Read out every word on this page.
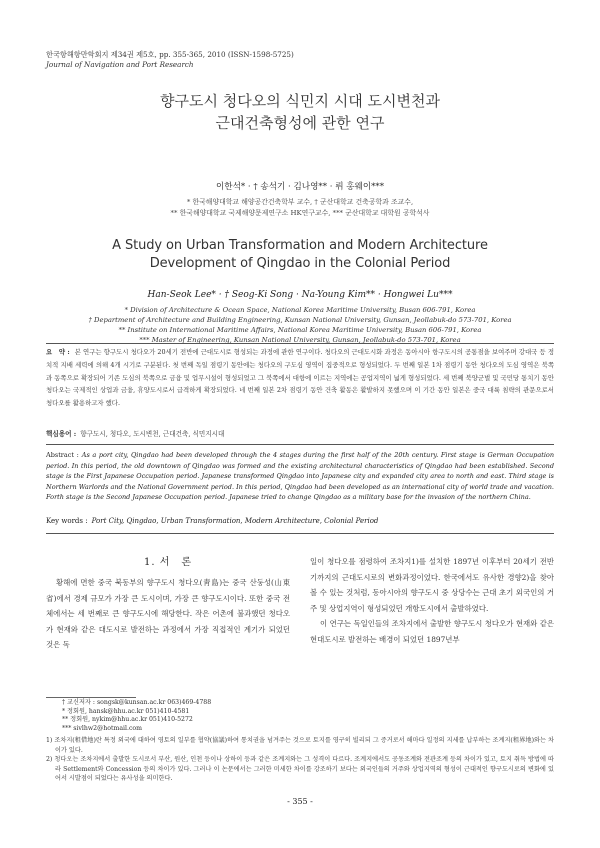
한국항해항만학회지 제34권 제5호, pp. 355-365, 2010 (ISSN-1598-5725)
Journal of Navigation and Port Research
향구도시 청다오의 식민지 시대 도시변천과
근대건축형성에 관한 연구
이한석* · † 송석기 · 김나영** · 뤼 홍웨이***
* 한국해양대학교 해양공간건축학부 교수, † 군산대학교 건축공학과 조교수,
** 한국해양대학교 국제해양문제연구소 HK연구교수, *** 군산대학교 대학원 공학석사
A Study on Urban Transformation and Modern Architecture
Development of Qingdao in the Colonial Period
Han-Seok Lee* · † Seog-Ki Song · Na-Young Kim** · Hongwei Lu***
* Division of Architecture & Ocean Space, National Korea Maritime University, Busan 606-791, Korea
† Department of Architecture and Building Engineering, Kunsan National University, Gunsan, Jeollabuk-do 573-701, Korea
** Institute on International Maritime Affairs, National Korea Maritime University, Busan 606-791, Korea
*** Master of Engineering, Kunsan National University, Gunsan, Jeollabuk-do 573-701, Korea
요　약 : 본 연구는 향구도시 청다오가 20세기 전반에 근대도시로 형성되는 과정에 관한 연구이다. 청다오의 근대도시화 과정은 동아시아 항구도시의 공통점을 보여주며 강대국 등 정치적 지배 세력에 의해 4개 시기로 구분된다. 첫 번째 독일 점령기 동안에는 청다오의 구도심 영역이 집중적으로 형성되었다. 두 번째 일본 1차 점령기 동안 청다오의 도심 영역은 북쪽과 동쪽으로 확장되어 기존 도심의 북쪽으로 금융 및 업무시설이 형성되었고 그 북쪽에서 대항에 이르는 지역에는 공업지역이 넓게 형성되었다. 세 번째 북양군벌 및 국민당 통치기 동안 청다오는 국제적인 상업과 금융, 휴양도시로서 급격하게 확장되었다. 네 번째 일본 2차 점령기 동안 건축 활동은 활발하지 못했으며 이 기간 동안 일본은 중국 대륙 침략의 관문으로서 청다오를 활용하고자 했다.
핵심용어 : 향구도시, 청다오, 도시변천, 근대건축, 식민지시대
Abstract : As a port city, Qingdao had been developed through the 4 stages during the first half of the 20th century. First stage is German Occupation period. In this period, the old downtown of Qingdao was formed and the existing architectural characteristics of Qingdao had been established. Second stage is the First Japanese Occupation period. Japanese transformed Qingdao into Japanese city and expanded city area to north and east. Third stage is Northern Warlords and the National Government period. In this period, Qingdao had been developed as an international city of world trade and vacation. Forth stage is the Second Japanese Occupation period. Japanese tried to change Qingdao as a military base for the invasion of the northern China.
Key words : Port City, Qingdao, Urban Transformation, Modern Architecture, Colonial Period
1. 서　론

황해에 면한 중국 북동부의 향구도시 청다오(靑島)는 중국 산둥성(山東省)에서 경제 규모가 가장 큰 도시이며, 가장 큰 향구도시이다. 또한 중국 전체에서는 세 번째로 큰 향구도시에 해당한다. 작은 어촌에 불과했던 청다오가 현재와 같은 대도시로 발전하는 과정에서 가장 직접적인 계기가 되었던 것은 독

일이 청다오를 점령하여 조차지1)를 설치한 1897년 이후부터 20세기 전반기까지의 근대도시로의 변화과정이었다. 한국에서도 유사한 경향2)을 찾아 볼 수 있는 것처럼, 동아시아의 향구도시 중 상당수는 근대 초기 외국인의 거주 및 상업지역이 형성되었던 개항도시에서 출발하였다.

이 연구는 독일인들의 조차지에서 출발한 향구도시 청다오가 현재와 같은 현대도시로 발전하는 배경이 되었던 1897년부

† 교신저자 : songsk@kunsan.ac.kr 063)469-4788
* 정회원, hansk@hhu.ac.kr 051)410-4581
** 정회원, nykim@hhu.ac.kr 051)410-5272
*** sivlhw2@hotmail.com
1) 조차지(租借地)란 특정 외국에 대하여 영토의 일부를 협약(協議)하여 통치권을 넘겨주는 것으로 토지를 영구히 빌리되 그 증거로서 해마다 일정의 지세를 납부하는 조계지(租界地)와는 차이가 있다.
2) 청다오는 조차지에서 출발한 도시로서 부산, 원산, 인천 등이나 상하이 등과 같은 조계지와는 그 성격이 다르다. 조계지에서도 공동조계와 전관조계 등의 차이가 있고, 토지 취득 방법에 따라 Settlement와 Concession 등의 차이가 있다. 그러나 이 논문에서는 그러한 미세한 차이를 강조하기 보다는 외국인들의 거주와 상업지역의 형성이 근대적인 향구도시로의 변화에 있어서 시발점이 되었다는 유사성을 의미한다.
- 355 -
